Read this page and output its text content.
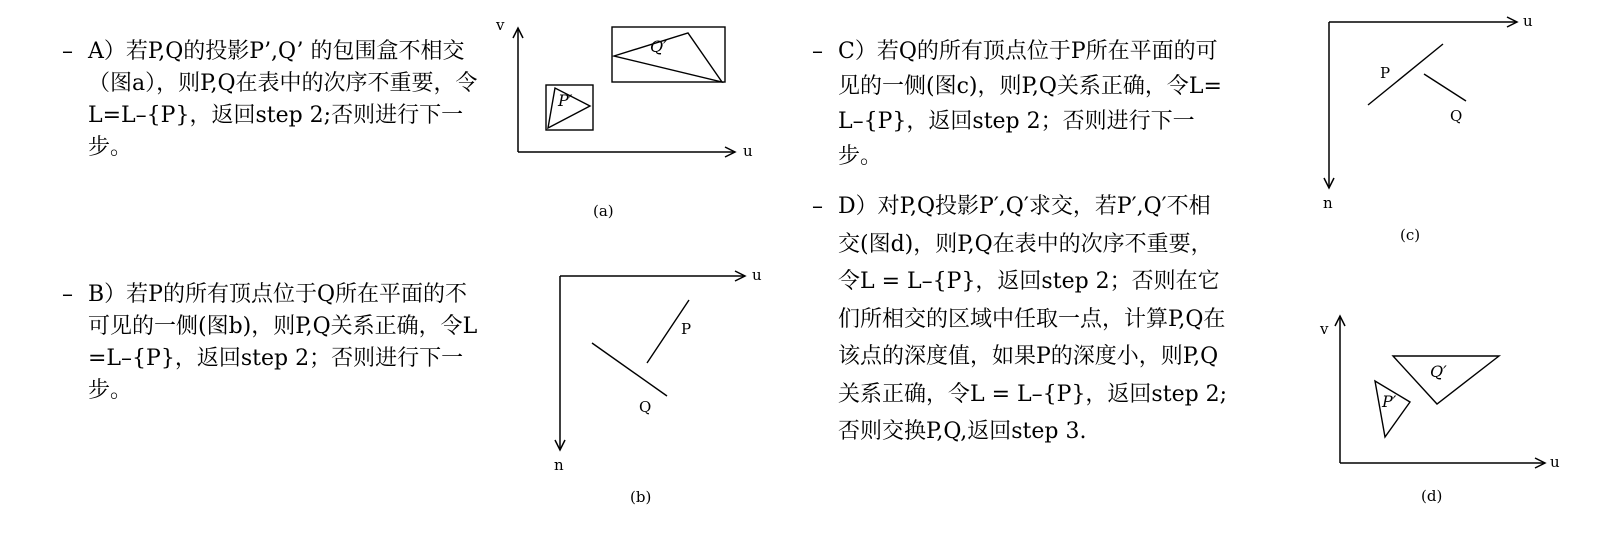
– A）若P,Q的投影P’,Q’ 的包围盒不相交（图a），则P,Q在表中的次序不重要，令L=L–{P}，返回step 2;否则进行下一步。
– B）若P的所有顶点位于Q所在平面的不可见的一侧(图b)，则P,Q关系正确，令L=L–{P}，返回step 2；否则进行下一步。
– C）若Q的所有顶点位于P所在平面的可见的一侧(图c)，则P,Q关系正确，令L=L–{P}，返回step 2；否则进行下一步。
– D）对P,Q投影P′,Q′求交，若P′,Q′不相交(图d)，则P,Q在表中的次序不重要，令L = L–{P}，返回step 2；否则在它们所相交的区域中任取一点，计算P,Q在该点的深度值，如果P的深度小，则P,Q关系正确，令L = L–{P}，返回step 2;否则交换P,Q,返回step 3.
v
u
Q′
P′
(a)
u
n
P
Q
(b)
u
n
P
Q
(c)
v
u
Q′
P′
(d)
